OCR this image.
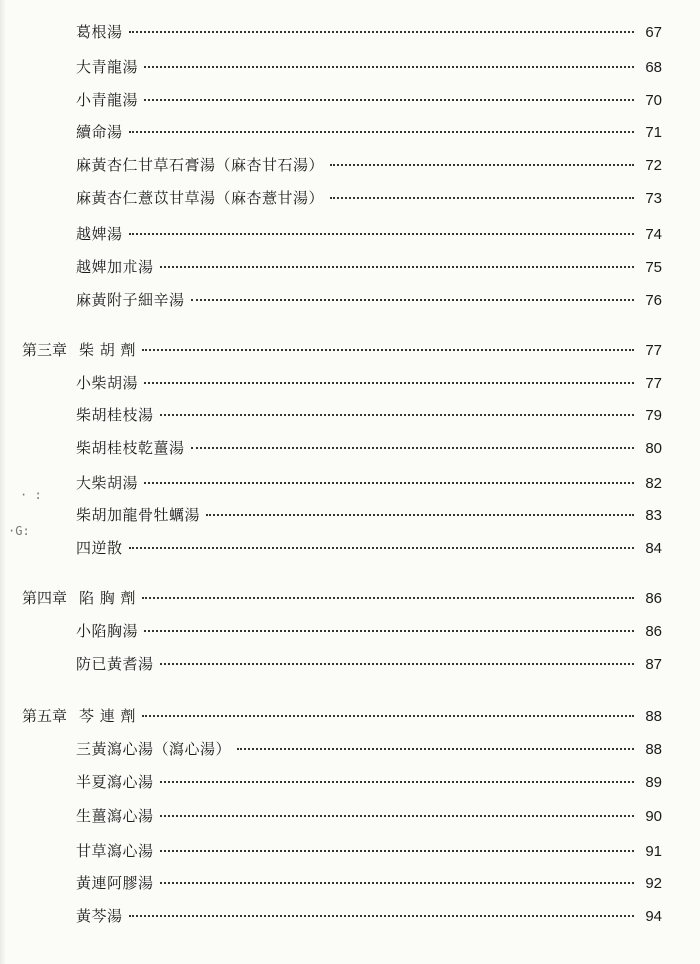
葛根湯	67
大青龍湯	68
小青龍湯	70
續命湯	71
麻黃杏仁甘草石膏湯（麻杏甘石湯）	72
麻黃杏仁薏苡甘草湯（麻杏薏甘湯）	73
越婢湯	74
越婢加朮湯	75
麻黃附子細辛湯	76
第三章 柴 胡 劑	77
小柴胡湯	77
柴胡桂枝湯	79
柴胡桂枝乾薑湯	80
大柴胡湯	82
柴胡加龍骨牡蠣湯	83
四逆散	84
第四章 陷 胸 劑	86
小陷胸湯	86
防已黃耆湯	87
第五章 芩 連 劑	88
三黃瀉心湯（瀉心湯）	88
半夏瀉心湯	89
生薑瀉心湯	90
甘草瀉心湯	91
黃連阿膠湯	92
黃芩湯	94
· :
·G:
